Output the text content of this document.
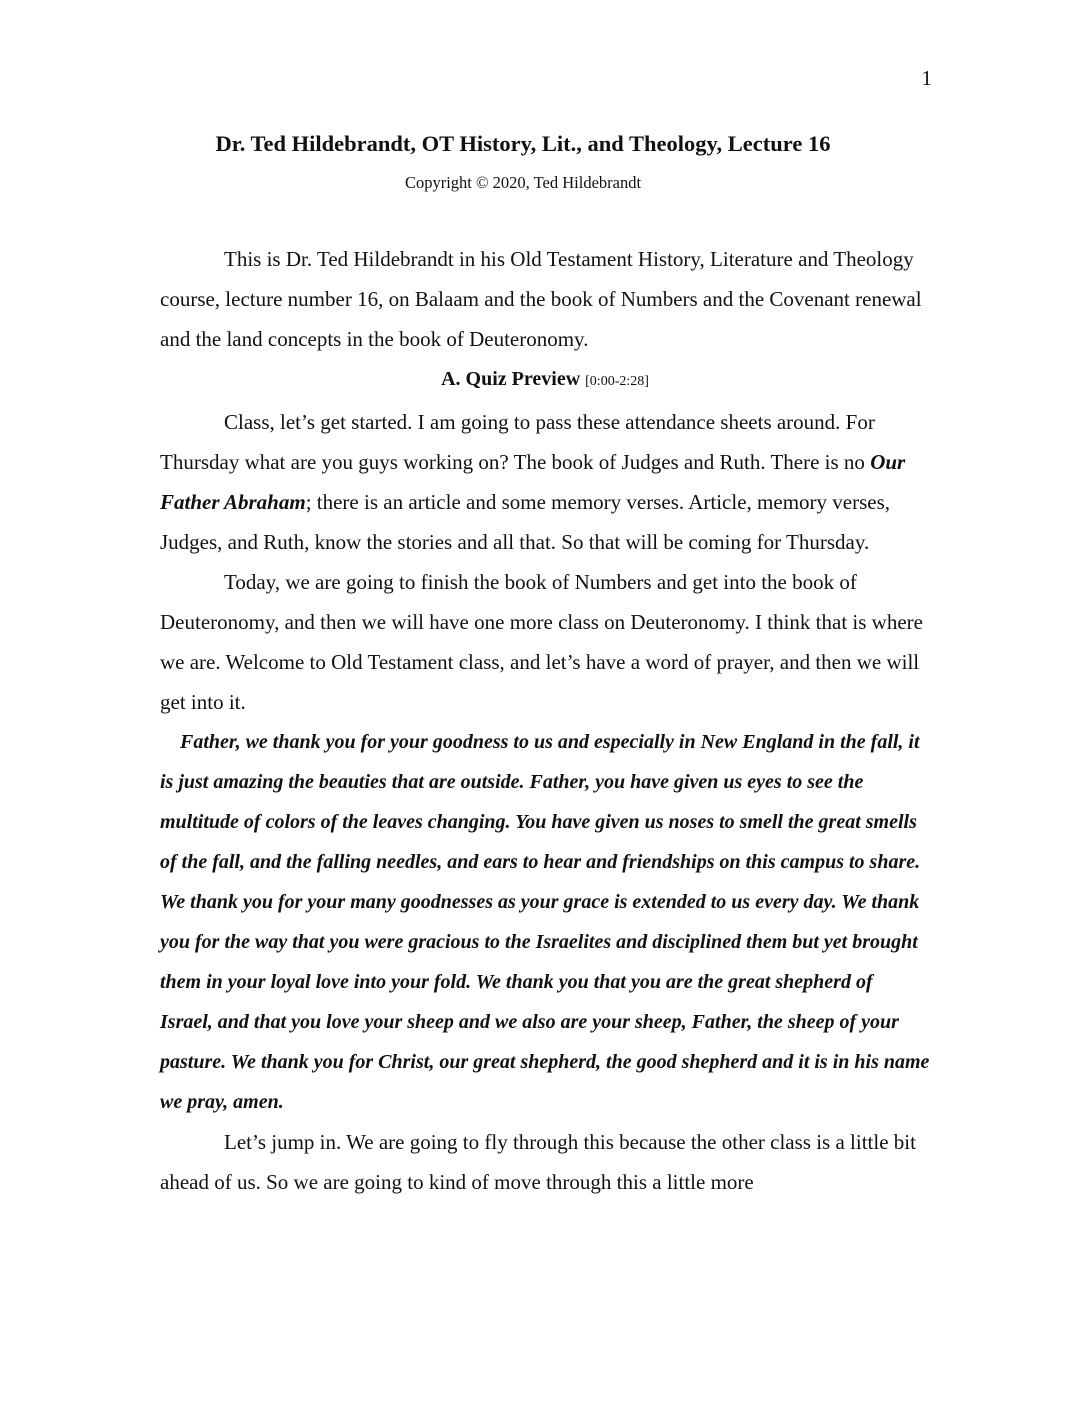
1
Dr. Ted Hildebrandt, OT History, Lit., and Theology, Lecture 16
Copyright © 2020, Ted Hildebrandt

This is Dr. Ted Hildebrandt in his Old Testament History, Literature and Theology course, lecture number 16, on Balaam and the book of Numbers and the Covenant renewal and the land concepts in the book of Deuteronomy.

A. Quiz Preview [0:00-2:28]

Class, let’s get started. I am going to pass these attendance sheets around. For Thursday what are you guys working on? The book of Judges and Ruth. There is no Our Father Abraham; there is an article and some memory verses. Article, memory verses, Judges, and Ruth, know the stories and all that. So that will be coming for Thursday.

Today, we are going to finish the book of Numbers and get into the book of Deuteronomy, and then we will have one more class on Deuteronomy. I think that is where we are. Welcome to Old Testament class, and let’s have a word of prayer, and then we will get into it.

Father, we thank you for your goodness to us and especially in New England in the fall, it is just amazing the beauties that are outside. Father, you have given us eyes to see the multitude of colors of the leaves changing. You have given us noses to smell the great smells of the fall, and the falling needles, and ears to hear and friendships on this campus to share. We thank you for your many goodnesses as your grace is extended to us every day. We thank you for the way that you were gracious to the Israelites and disciplined them but yet brought them in your loyal love into your fold. We thank you that you are the great shepherd of Israel, and that you love your sheep and we also are your sheep, Father, the sheep of your pasture. We thank you for Christ, our great shepherd, the good shepherd and it is in his name we pray, amen.

Let’s jump in. We are going to fly through this because the other class is a little bit ahead of us. So we are going to kind of move through this a little more
